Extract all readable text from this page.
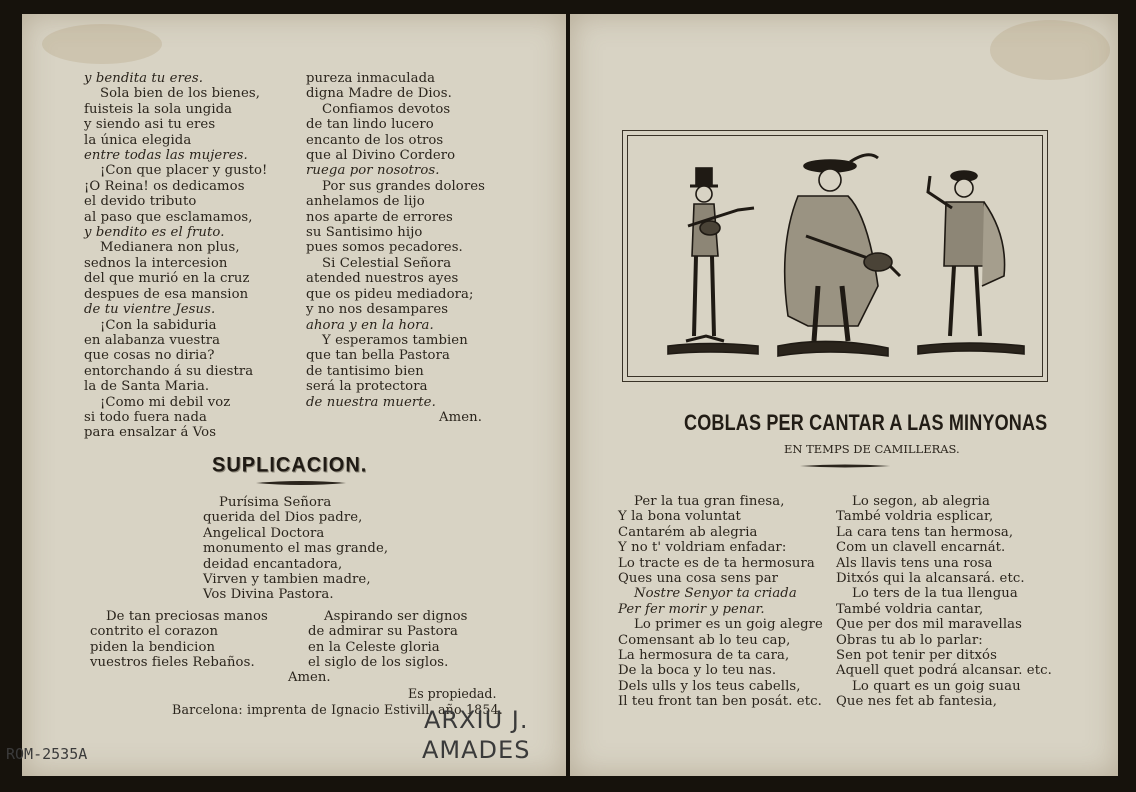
y bendita tu eres.
Sola bien de los bienes,
fuisteis la sola ungida
y siendo asi tu eres
la única elegida
entre todas las mujeres.
¡Con que placer y gusto!
¡O Reina! os dedicamos
el devido tributo
al paso que esclamamos,
y bendito es el fruto.
Medianera non plus,
sednos la intercesion
del que murió en la cruz
despues de esa mansion
de tu vientre Jesus.
¡Con la sabiduria
en alabanza vuestra
que cosas no diria?
entorchando á su diestra
la de Santa Maria.
¡Como mi debil voz
si todo fuera nada
para ensalzar á Vos
pureza inmaculada
digna Madre de Dios.
Confiamos devotos
de tan lindo lucero
encanto de los otros
que al Divino Cordero
ruega por nosotros.
Por sus grandes dolores
anhelamos de lijo
nos aparte de errores
su Santisimo hijo
pues somos pecadores.
Si Celestial Señora
atended nuestros ayes
que os pideu mediadora;
y no nos desampares
ahora y en la hora.
Y esperamos tambien
que tan bella Pastora
de tantisimo bien
será la protectora
de nuestra muerte.
Amen.
SUPLICACION.
Purísima Señora
querida del Dios padre,
Angelical Doctora
monumento el mas grande,
deidad encantadora,
Virven y tambien madre,
Vos Divina Pastora.
De tan preciosas manos
contrito el corazon
piden la bendicion
vuestros fieles Rebaños.
Aspirando ser dignos
de admirar su Pastora
en la Celeste gloria
el siglo de los siglos.
Amen.
Es propiedad.
Barcelona: imprenta de Ignacio Estivill, año 1854.
ARXIU J.
AMADES
ROM-2535A
COBLAS PER CANTAR A LAS MINYONAS
EN TEMPS DE CAMILLERAS.
Per la tua gran finesa,
Y la bona voluntat
Cantarém ab alegria
Y no t' voldriam enfadar:
Lo tracte es de ta hermosura
Ques una cosa sens par
Nostre Senyor ta criada
Per fer morir y penar.
Lo primer es un goig alegre
Comensant ab lo teu cap,
La hermosura de ta cara,
De la boca y lo teu nas.
Dels ulls y los teus cabells,
Il teu front tan ben posát. etc.
Lo segon, ab alegria
També voldria esplicar,
La cara tens tan hermosa,
Com un clavell encarnát.
Als llavis tens una rosa
Ditxós qui la alcansará. etc.
Lo ters de la tua llengua
També voldria cantar,
Que per dos mil maravellas
Obras tu ab lo parlar:
Sen pot tenir per ditxós
Aquell quet podrá alcansar. etc.
Lo quart es un goig suau
Que nes fet ab fantesia,
